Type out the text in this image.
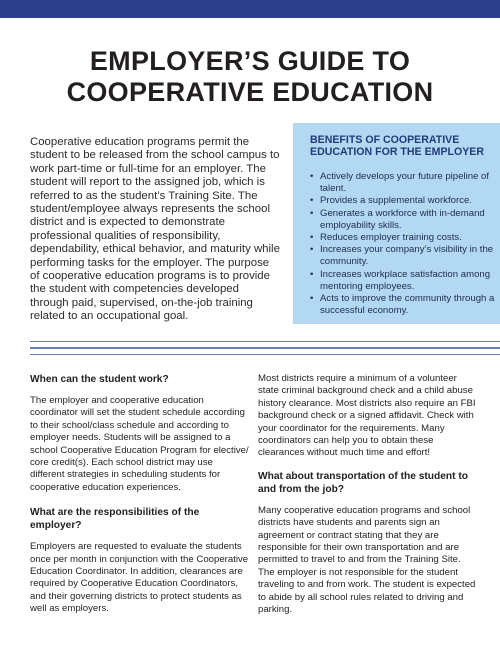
EMPLOYER’S GUIDE TO
COOPERATIVE EDUCATION
Cooperative education programs permit the student to be released from the school campus to work part-time or full-time for an employer. The student will report to the assigned job, which is referred to as the student’s Training Site. The student/employee always represents the school district and is expected to demonstrate professional qualities of responsibility, dependability, ethical behavior, and maturity while performing tasks for the employer. The purpose of cooperative education programs is to provide the student with competencies developed through paid, supervised, on-the-job training related to an occupational goal.
BENEFITS OF COOPERATIVE EDUCATION FOR THE EMPLOYER
• Actively develops your future pipeline of talent.
• Provides a supplemental workforce.
• Generates a workforce with in-demand employability skills.
• Reduces employer training costs.
• Increases your company’s visibility in the community.
• Increases workplace satisfaction among mentoring employees.
• Acts to improve the community through a successful economy.
When can the student work?

The employer and cooperative education coordinator will set the student schedule according to their school/class schedule and according to employer needs. Students will be assigned to a school Cooperative Education Program for elective/ core credit(s). Each school district may use different strategies in scheduling students for cooperative education experiences.

What are the responsibilities of the employer?

Employers are requested to evaluate the students once per month in conjunction with the Cooperative Education Coordinator. In addition, clearances are required by Cooperative Education Coordinators, and their governing districts to protect students as well as employers.

Most districts require a minimum of a volunteer state criminal background check and a child abuse history clearance. Most districts also require an FBI background check or a signed affidavit. Check with your coordinator for the requirements. Many coordinators can help you to obtain these clearances without much time and effort!

What about transportation of the student to and from the job?

Many cooperative education programs and school districts have students and parents sign an agreement or contract stating that they are responsible for their own transportation and are permitted to travel to and from the Training Site. The employer is not responsible for the student traveling to and from work. The student is expected to abide by all school rules related to driving and parking.
